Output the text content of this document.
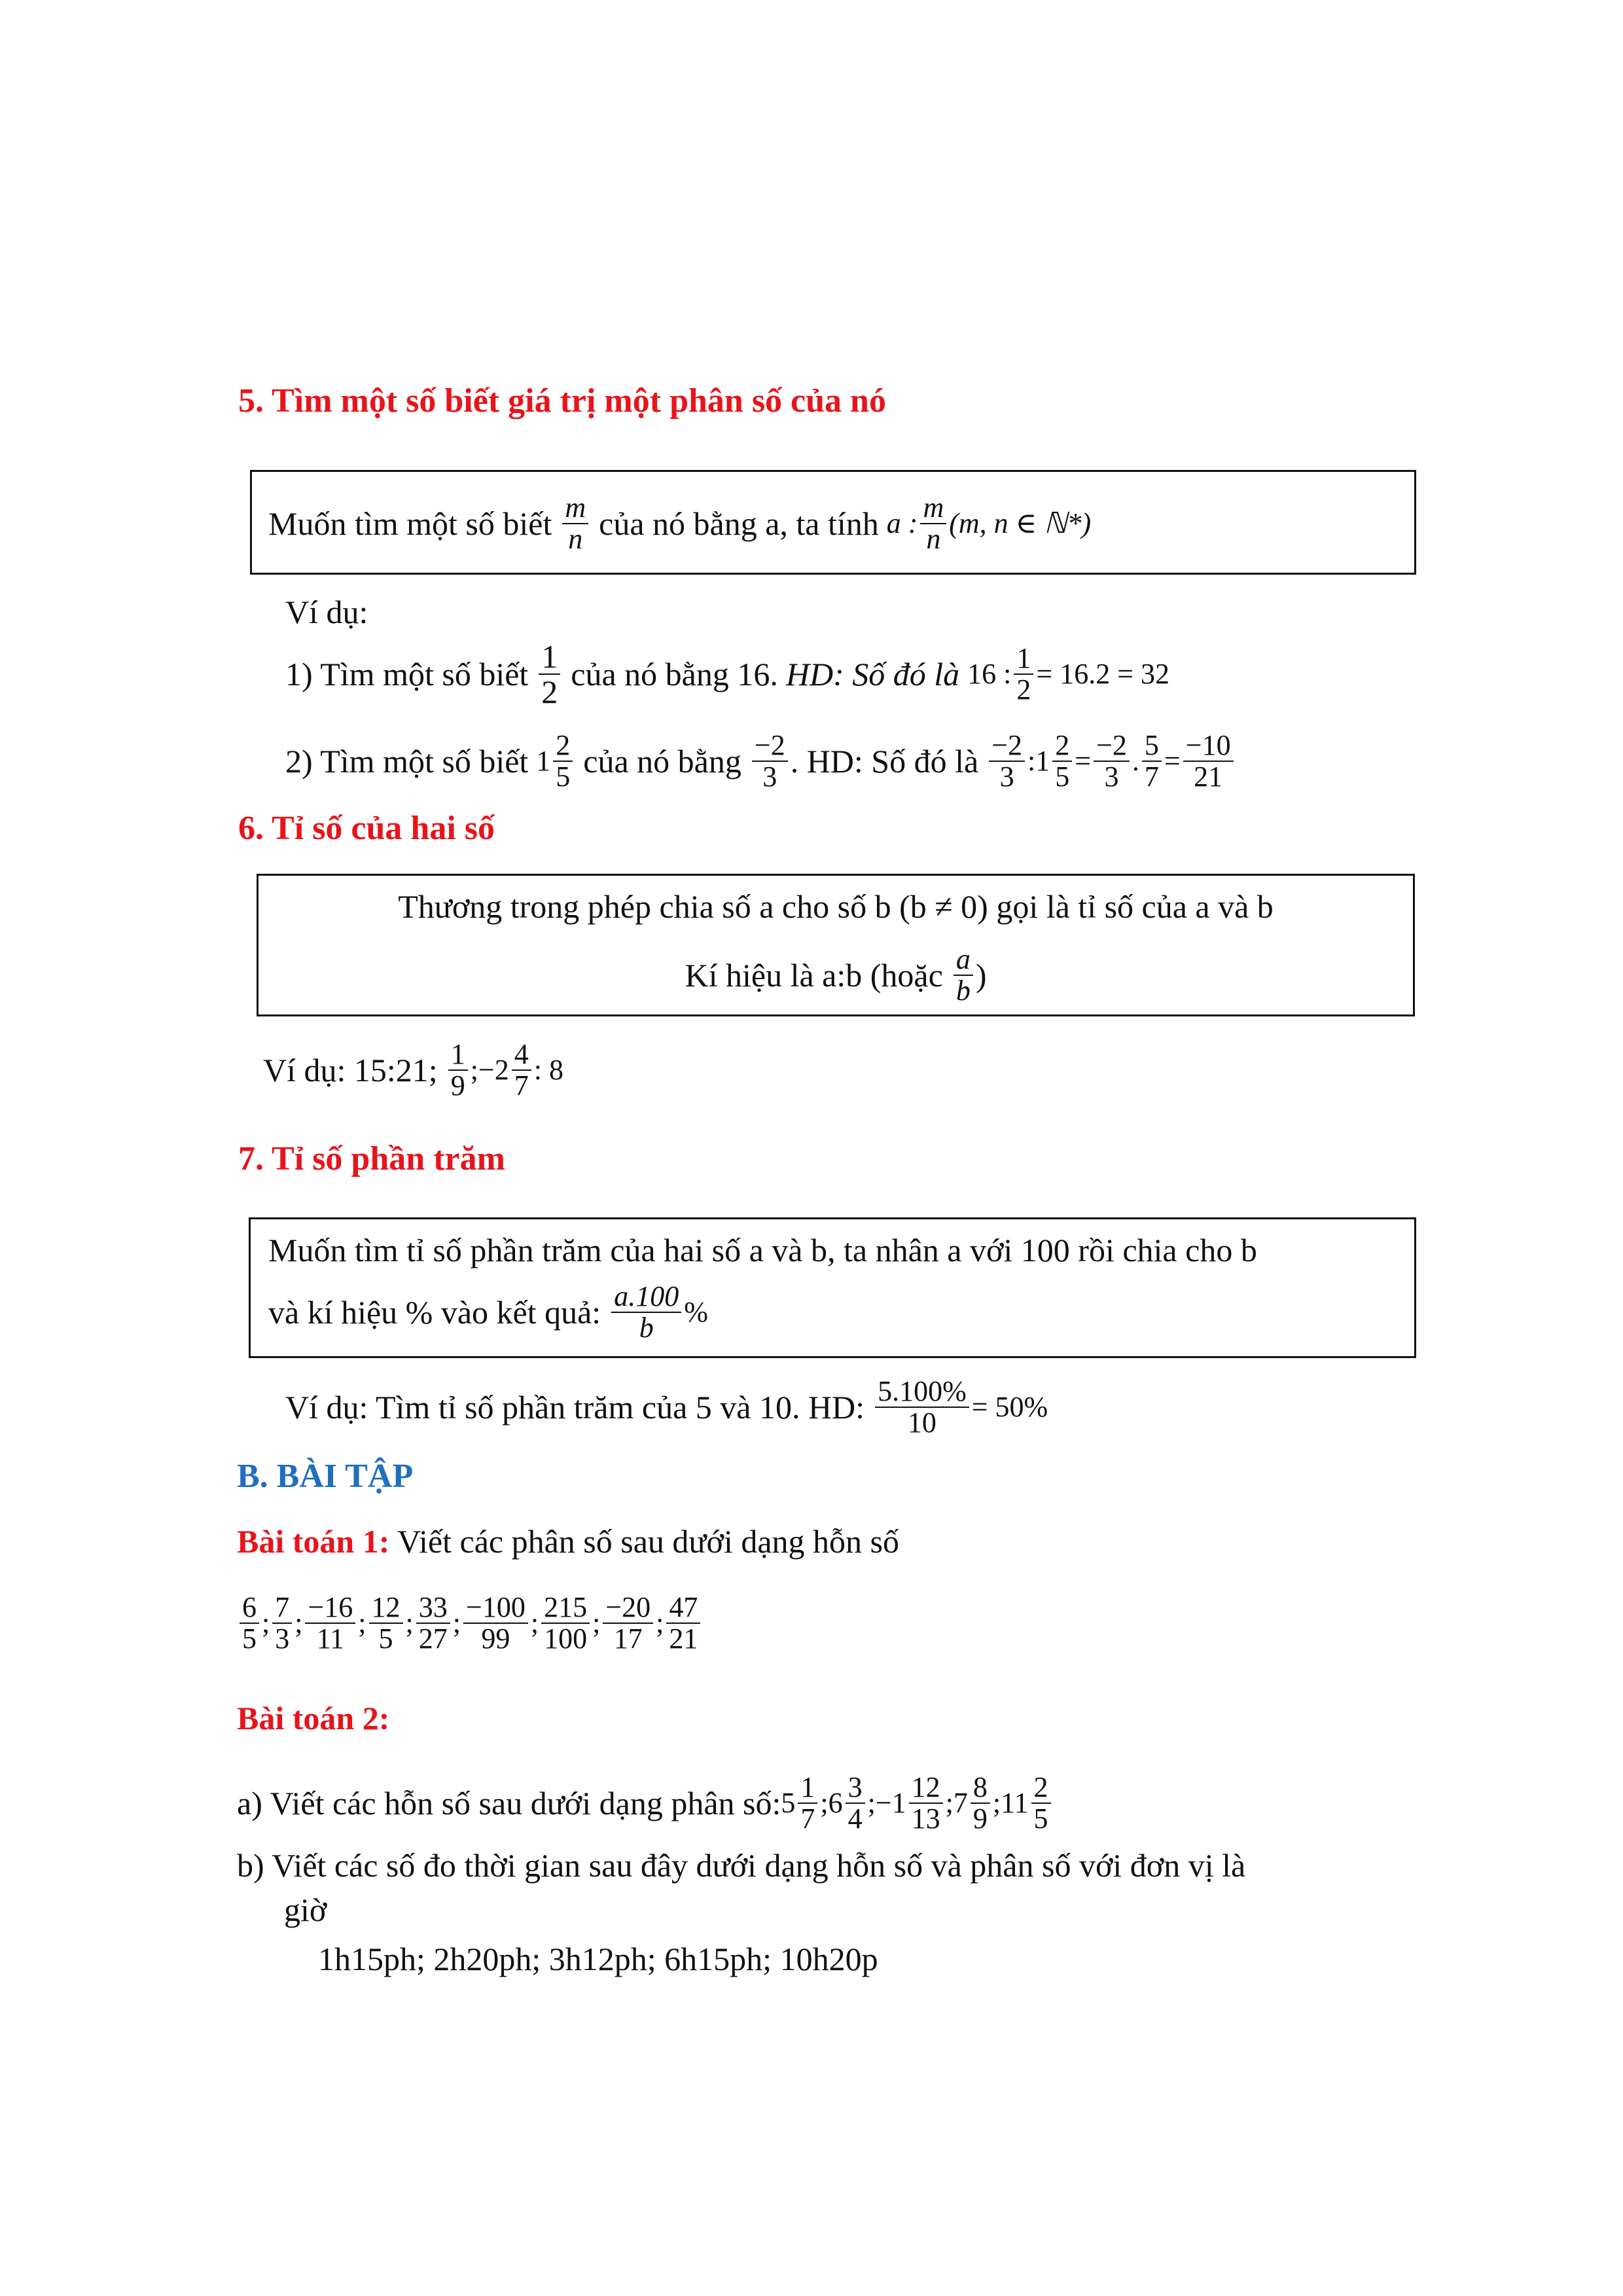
5. Tìm một số biết giá trị một phân số của nó
Muốn tìm một số biết $\frac{m}{n}$ của nó bằng a, ta tính a : $\frac{m}{n} (m$, n ∈ ℕ*)
Ví dụ:
1) Tìm một số biết $\frac{1}{2}$ của nó bằng 16. HD: Số đó là 16 : $\frac{1}{2} = 16.2 = 32$
2) Tìm một số biết $1 \frac{2}{5}$ của nó bằng $\frac{-2}{3}$ . HD: Số đó là $\frac{-2}{3}$ :1 $\frac{2}{5} = \frac{-2}{3}$ . $\frac{5}{7} = \frac{-10}{21}$
6. Tỉ số của hai số
Thương trong phép chia số a cho số b (b ≠ 0) gọi là tỉ số của a và b
Kí hiệu là a:b (hoặc $\frac{a}{b}$ )
Ví dụ: 15:21; $\frac{1}{9}$ ;−2 $\frac{4}{7}$ : 8
7. Tỉ số phần trăm
Muốn tìm tỉ số phần trăm của hai số a và b, ta nhân a với 100 rồi chia cho b
và kí hiệu % vào kết quả: $\frac{a.100}{b}$ %
Ví dụ: Tìm tỉ số phần trăm của 5 và 10. HD: $\frac{5.100\%}{10} = 50\%$
B. BÀI TẬP
Bài toán 1: Viết các phân số sau dưới dạng hỗn số
$\frac{6}{5}$ ; $\frac{7}{3}$ ; $\frac{-16}{11}$ ; $\frac{12}{5}$ ; $\frac{33}{27}$ ; $\frac{-100}{99}$ ; $\frac{215}{100}$ ; $\frac{-20}{17}$ ; $\frac{47}{21}$
Bài toán 2:
a) Viết các hỗn số sau dưới dạng phân số: $5 \frac{1}{7}$ ; $6 \frac{3}{4}$ ; $-1 \frac{12}{13}$ ; $7 \frac{8}{9}$ ; $11 \frac{2}{5}$
b) Viết các số đo thời gian sau đây dưới dạng hỗn số và phân số với đơn vị là
giờ
1h15ph; 2h20ph; 3h12ph; 6h15ph; 10h20p
